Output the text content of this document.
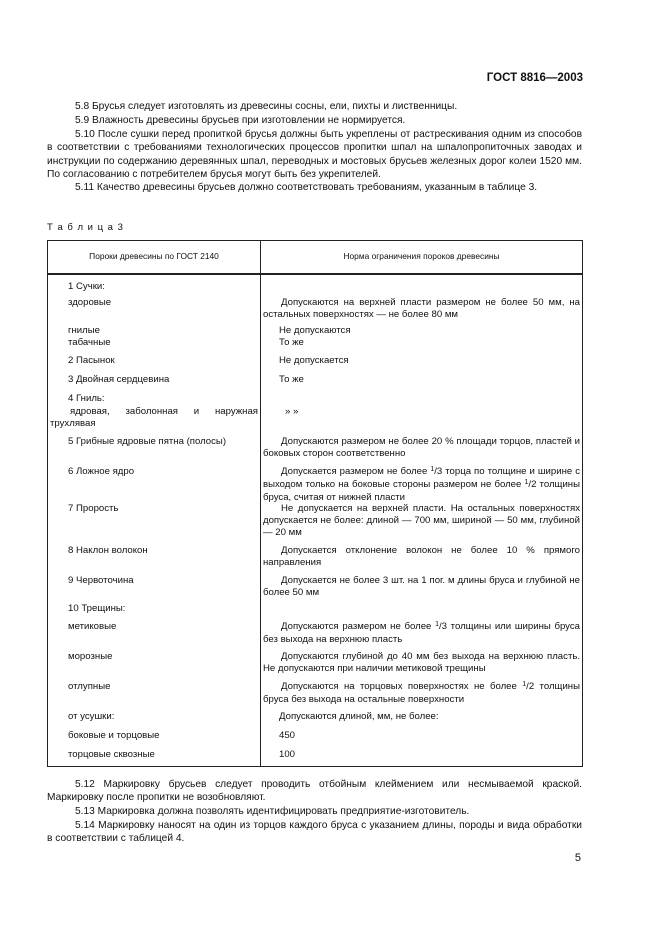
ГОСТ 8816—2003
5.8 Брусья следует изготовлять из древесины сосны, ели, пихты и лиственницы.
5.9 Влажность древесины брусьев при изготовлении не нормируется.
5.10 После сушки перед пропиткой брусья должны быть укреплены от растрескивания одним из способов в соответствии с требованиями технологических процессов пропитки шпал на шпалопропиточных заводах и инструкции по содержанию деревянных шпал, переводных и мостовых брусьев железных дорог колеи 1520 мм. По согласованию с потребителем брусья могут быть без укрепителей.
5.11 Качество древесины брусьев должно соответствовать требованиям, указанным в таблице 3.
Т а б л и ц а 3
Пороки древесины по ГОСТ 2140	Норма ограничения пороков древесины
1 Сучки:	
здоровые	Допускаются на верхней пласти размером не более 50 мм, на остальных поверхностях — не более 80 мм
гнилые	Не допускаются
табачные	То же
2 Пасынок	Не допускается
3 Двойная сердцевина	То же
4 Гниль:	
ядровая, заболонная и наружная трухлявая	» »
5 Грибные ядровые пятна (полосы)	Допускаются размером не более 20 % площади торцов, пластей и боковых сторон соответственно
6 Ложное ядро	Допускается размером не более $^1$/3 торца по толщине и ширине с выходом только на боковые стороны размером не более $^1$/2 толщины бруса, считая от нижней пласти
7 Прорость	Не допускается на верхней пласти. На остальных поверхностях допускается не более: длиной — 700 мм, шириной — 50 мм, глубиной — 20 мм
8 Наклон волокон	Допускается отклонение волокон не более 10 % прямого направления
9 Червоточина	Допускается не более 3 шт. на 1 пог. м длины бруса и глубиной не более 50 мм
10 Трещины:	
метиковые	Допускаются размером не более $^1$/3 толщины или ширины бруса без выхода на верхнюю пласть
морозные	Допускаются глубиной до 40 мм без выхода на верхнюю пласть. Не допускаются при наличии метиковой трещины
отлупные	Допускаются на торцовых поверхностях не более $^1$/2 толщины бруса без выхода на остальные поверхности
от усушки:	Допускаются длиной, мм, не более:
боковые и торцовые	450
торцовые сквозные	100
5.12 Маркировку брусьев следует проводить отбойным клеймением или несмываемой краской. Маркировку после пропитки не возобновляют.
5.13 Маркировка должна позволять идентифицировать предприятие-изготовитель.
5.14 Маркировку наносят на один из торцов каждого бруса с указанием длины, породы и вида обработки в соответствии с таблицей 4.
5
